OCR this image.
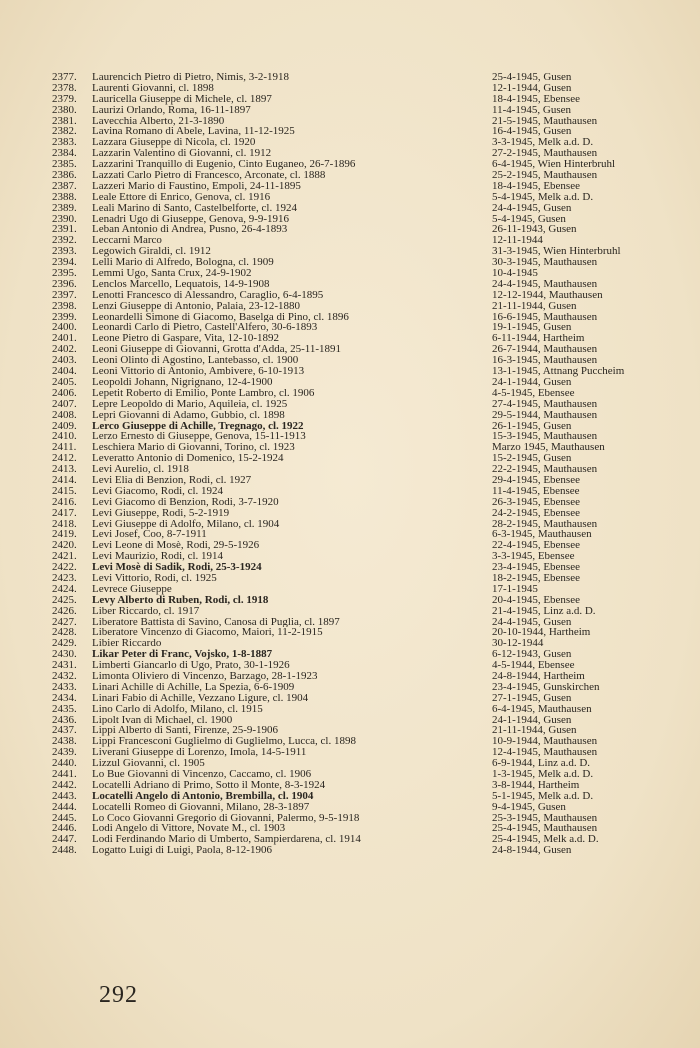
2377.	Laurencich Pietro di Pietro, Nimis, 3-2-1918	25-4-1945, Gusen
2378.	Laurenti Giovanni, cl. 1898	12-1-1944, Gusen
2379.	Lauricella Giuseppe di Michele, cl. 1897	18-4-1945, Ebensee
2380.	Laurizi Orlando, Roma, 16-11-1897	11-4-1945, Gusen
2381.	Lavecchia Alberto, 21-3-1890	21-5-1945, Mauthausen
2382.	Lavina Romano di Abele, Lavina, 11-12-1925	16-4-1945, Gusen
2383.	Lazzara Giuseppe di Nicola, cl. 1920	3-3-1945, Melk a.d. D.
2384.	Lazzarin Valentino di Giovanni, cl. 1912	27-2-1945, Mauthausen
2385.	Lazzarini Tranquillo di Eugenio, Cinto Euganeo, 26-7-1896	6-4-1945, Wien Hinterbruhl
2386.	Lazzati Carlo Pietro di Francesco, Arconate, cl. 1888	25-2-1945, Mauthausen
2387.	Lazzeri Mario di Faustino, Empoli, 24-11-1895	18-4-1945, Ebensee
2388.	Leale Ettore di Enrico, Genova, cl. 1916	5-4-1945, Melk a.d. D.
2389.	Leali Marino di Santo, Castelbelforte, cl. 1924	24-4-1945, Gusen
2390.	Lenadri Ugo di Giuseppe, Genova, 9-9-1916	5-4-1945, Gusen
2391.	Leban Antonio di Andrea, Pusno, 26-4-1893	26-11-1943, Gusen
2392.	Leccarni Marco	12-11-1944
2393.	Legowich Giraldi, cl. 1912	31-3-1945, Wien Hinterbruhl
2394.	Lelli Mario di Alfredo, Bologna, cl. 1909	30-3-1945, Mauthausen
2395.	Lemmi Ugo, Santa Crux, 24-9-1902	10-4-1945
2396.	Lenclos Marcello, Lequatois, 14-9-1908	24-4-1945, Mauthausen
2397.	Lenotti Francesco di Alessandro, Caraglio, 6-4-1895	12-12-1944, Mauthausen
2398.	Lenzi Giuseppe di Antonio, Palaia, 23-12-1880	21-11-1944, Gusen
2399.	Leonardelli Simone di Giacomo, Baselga di Pino, cl. 1896	16-6-1945, Mauthausen
2400.	Leonardi Carlo di Pietro, Castell'Alfero, 30-6-1893	19-1-1945, Gusen
2401.	Leone Pietro di Gaspare, Vita, 12-10-1892	6-11-1944, Hartheim
2402.	Leoni Giuseppe di Giovanni, Grotta d'Adda, 25-11-1891	26-7-1944, Mauthausen
2403.	Leoni Olinto di Agostino, Lantebasso, cl. 1900	16-3-1945, Mauthausen
2404.	Leoni Vittorio di Antonio, Ambivere, 6-10-1913	13-1-1945, Attnang Puccheim
2405.	Leopoldi Johann, Nigrignano, 12-4-1900	24-1-1944, Gusen
2406.	Lepetit Roberto di Emilio, Ponte Lambro, cl. 1906	4-5-1945, Ebensee
2407.	Lepre Leopoldo di Mario, Aquileia, cl. 1925	27-4-1945, Mauthausen
2408.	Lepri Giovanni di Adamo, Gubbio, cl. 1898	29-5-1944, Mauthausen
2409.	Lerco Giuseppe di Achille, Tregnago, cl. 1922	26-1-1945, Gusen
2410.	Lerzo Ernesto di Giuseppe, Genova, 15-11-1913	15-3-1945, Mauthausen
2411.	Leschiera Mario di Giovanni, Torino, cl. 1923	Marzo 1945, Mauthausen
2412.	Leveratto Antonio di Domenico, 15-2-1924	15-2-1945, Gusen
2413.	Levi Aurelio, cl. 1918	22-2-1945, Mauthausen
2414.	Levi Elia di Benzion, Rodi, cl. 1927	29-4-1945, Ebensee
2415.	Levi Giacomo, Rodi, cl. 1924	11-4-1945, Ebensee
2416.	Levi Giacomo di Benzion, Rodi, 3-7-1920	26-3-1945, Ebensee
2417.	Levi Giuseppe, Rodi, 5-2-1919	24-2-1945, Ebensee
2418.	Levi Giuseppe di Adolfo, Milano, cl. 1904	28-2-1945, Mauthausen
2419.	Levi Josef, Coo, 8-7-1911	6-3-1945, Mauthausen
2420.	Levi Leone di Mosè, Rodi, 29-5-1926	22-4-1945, Ebensee
2421.	Levi Maurizio, Rodi, cl. 1914	3-3-1945, Ebensee
2422.	Levi Mosè di Sadik, Rodi, 25-3-1924	23-4-1945, Ebensee
2423.	Levi Vittorio, Rodi, cl. 1925	18-2-1945, Ebensee
2424.	Levrece Giuseppe	17-1-1945
2425.	Levy Alberto di Ruben, Rodi, cl. 1918	20-4-1945, Ebensee
2426.	Liber Riccardo, cl. 1917	21-4-1945, Linz a.d. D.
2427.	Liberatore Battista di Savino, Canosa di Puglia, cl. 1897	24-4-1945, Gusen
2428.	Liberatore Vincenzo di Giacomo, Maiori, 11-2-1915	20-10-1944, Hartheim
2429.	Libier Riccardo	30-12-1944
2430.	Likar Peter di Franc, Vojsko, 1-8-1887	6-12-1943, Gusen
2431.	Limberti Giancarlo di Ugo, Prato, 30-1-1926	4-5-1944, Ebensee
2432.	Limonta Oliviero di Vincenzo, Barzago, 28-1-1923	24-8-1944, Hartheim
2433.	Linari Achille di Achille, La Spezia, 6-6-1909	23-4-1945, Gunskirchen
2434.	Linari Fabio di Achille, Vezzano Ligure, cl. 1904	27-1-1945, Gusen
2435.	Lino Carlo di Adolfo, Milano, cl. 1915	6-4-1945, Mauthausen
2436.	Lipolt Ivan di Michael, cl. 1900	24-1-1944, Gusen
2437.	Lippi Alberto di Santi, Firenze, 25-9-1906	21-11-1944, Gusen
2438.	Lippi Francesconi Guglielmo di Guglielmo, Lucca, cl. 1898	10-9-1944, Mauthausen
2439.	Liverani Giuseppe di Lorenzo, Imola, 14-5-1911	12-4-1945, Mauthausen
2440.	Lizzul Giovanni, cl. 1905	6-9-1944, Linz a.d. D.
2441.	Lo Bue Giovanni di Vincenzo, Caccamo, cl. 1906	1-3-1945, Melk a.d. D.
2442.	Locatelli Adriano di Primo, Sotto il Monte, 8-3-1924	3-8-1944, Hartheim
2443.	Locatelli Angelo di Antonio, Brembilla, cl. 1904	5-1-1945, Melk a.d. D.
2444.	Locatelli Romeo di Giovanni, Milano, 28-3-1897	9-4-1945, Gusen
2445.	Lo Coco Giovanni Gregorio di Giovanni, Palermo, 9-5-1918	25-3-1945, Mauthausen
2446.	Lodi Angelo di Vittore, Novate M., cl. 1903	25-4-1945, Mauthausen
2447.	Lodi Ferdinando Mario di Umberto, Sampierdarena, cl. 1914	25-4-1945, Melk a.d. D.
2448.	Logatto Luigi di Luigi, Paola, 8-12-1906	24-8-1944, Gusen
292
